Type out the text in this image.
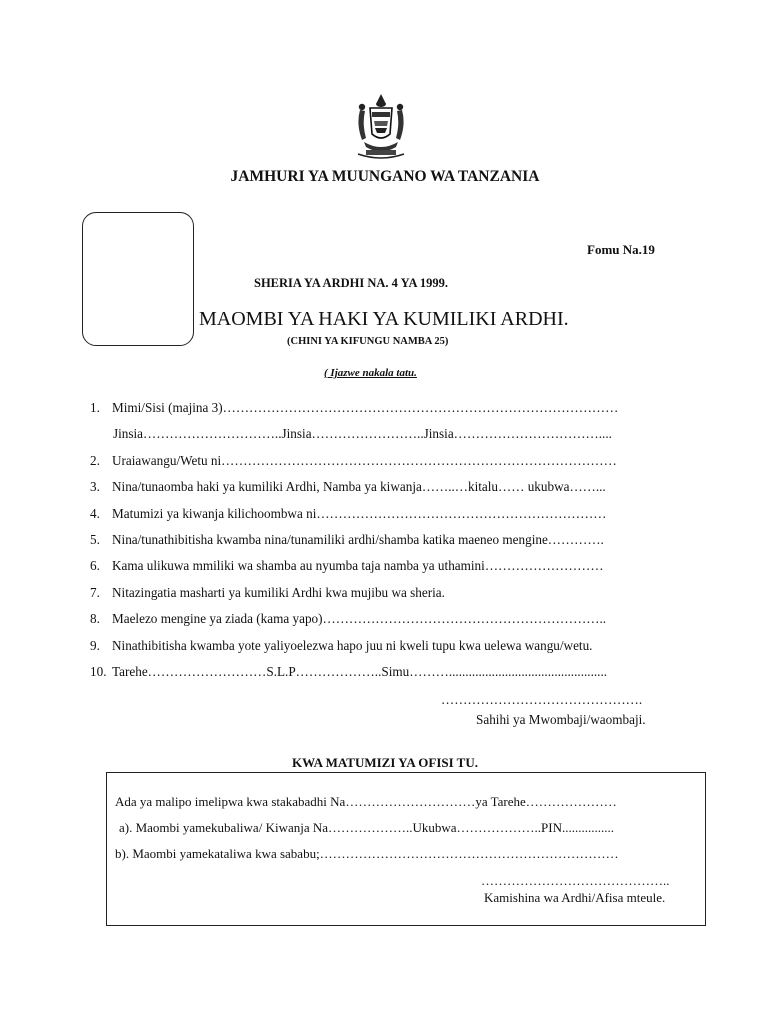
JAMHURI YA MUUNGANO WA TANZANIA
Fomu Na.19
SHERIA YA ARDHI NA. 4 YA 1999.
MAOMBI YA HAKI YA KUMILIKI ARDHI.
(CHINI YA KIFUNGU NAMBA 25)
( Ijazwe nakala tatu.
1. Mimi/Sisi (majina 3)………………………………………………………………………………
Jinsia…………………………..Jinsia……………………..Jinsia……………………………....
2. Uraiawangu/Wetu ni………………………………………………………………………………
3. Nina/tunaomba haki ya kumiliki Ardhi, Namba ya kiwanja……..…kitalu…… ukubwa……...
4. Matumizi ya kiwanja kilichoombwa ni…………………………………………………………
5. Nina/tunathibitisha kwamba nina/tunamiliki ardhi/shamba katika maeneo mengine………….
6. Kama ulikuwa mmiliki wa shamba au nyumba taja namba ya uthamini………………………
7. Nitazingatia masharti ya kumiliki Ardhi kwa mujibu wa sheria.
8. Maelezo mengine ya ziada (kama yapo)………………………………………………………..
9. Ninathibitisha kwamba yote yaliyoelezwa hapo juu ni kweli tupu kwa uelewa wangu/wetu.
10. Tarehe………………………S.L.P………………..Simu………................................................
……………………………………….
Sahihi ya Mwombaji/waombaji.
KWA MATUMIZI YA OFISI TU.
Ada ya malipo imelipwa kwa stakabadhi Na…………………………ya Tarehe…………………
a). Maombi yamekubaliwa/ Kiwanja Na………………..Ukubwa………………..PIN................
b). Maombi yamekataliwa kwa sababu;……………………………………………………………
……………………………………..
Kamishina wa Ardhi/Afisa mteule.
